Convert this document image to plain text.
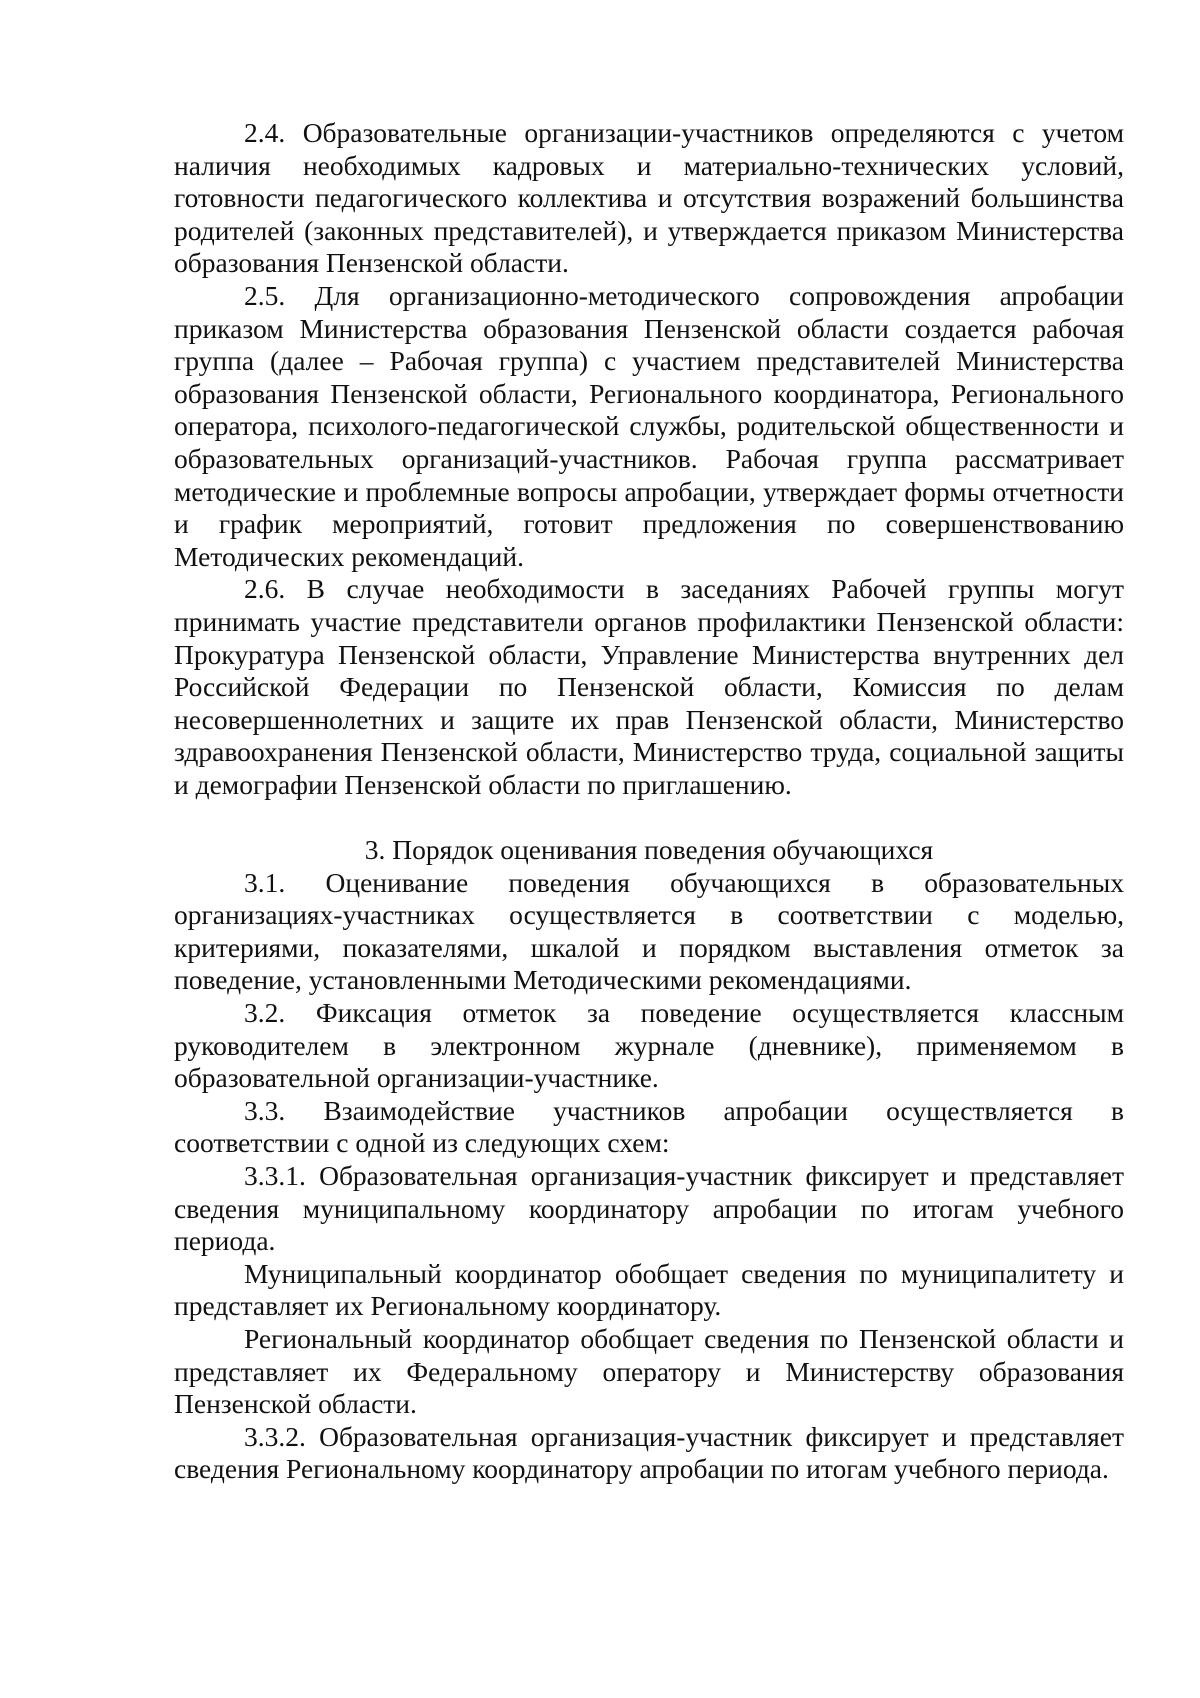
2.4. Образовательные организации-участников определяются с учетом наличия необходимых кадровых и материально-технических условий, готовности педагогического коллектива и отсутствия возражений большинства родителей (законных представителей), и утверждается приказом Министерства образования Пензенской области.

2.5. Для организационно-методического сопровождения апробации приказом Министерства образования Пензенской области создается рабочая группа (далее – Рабочая группа) с участием представителей Министерства образования Пензенской области, Регионального координатора, Регионального оператора, психолого-педагогической службы, родительской общественности и образовательных организаций-участников. Рабочая группа рассматривает методические и проблемные вопросы апробации, утверждает формы отчетности и график мероприятий, готовит предложения по совершенствованию Методических рекомендаций.

2.6. В случае необходимости в заседаниях Рабочей группы могут принимать участие представители органов профилактики Пензенской области: Прокуратура Пензенской области, Управление Министерства внутренних дел Российской Федерации по Пензенской области, Комиссия по делам несовершеннолетних и защите их прав Пензенской области, Министерство здравоохранения Пензенской области, Министерство труда, социальной защиты и демографии Пензенской области по приглашению.

3. Порядок оценивания поведения обучающихся

3.1. Оценивание поведения обучающихся в образовательных организациях-участниках осуществляется в соответствии с моделью, критериями, показателями, шкалой и порядком выставления отметок за поведение, установленными Методическими рекомендациями.

3.2. Фиксация отметок за поведение осуществляется классным руководителем в электронном журнале (дневнике), применяемом в образовательной организации-участнике.

3.3. Взаимодействие участников апробации осуществляется в соответствии с одной из следующих схем:

3.3.1. Образовательная организация-участник фиксирует и представляет сведения муниципальному координатору апробации по итогам учебного периода.

Муниципальный координатор обобщает сведения по муниципалитету и представляет их Региональному координатору.

Региональный координатор обобщает сведения по Пензенской области и представляет их Федеральному оператору и Министерству образования Пензенской области.

3.3.2. Образовательная организация-участник фиксирует и представляет сведения Региональному координатору апробации по итогам учебного периода.
